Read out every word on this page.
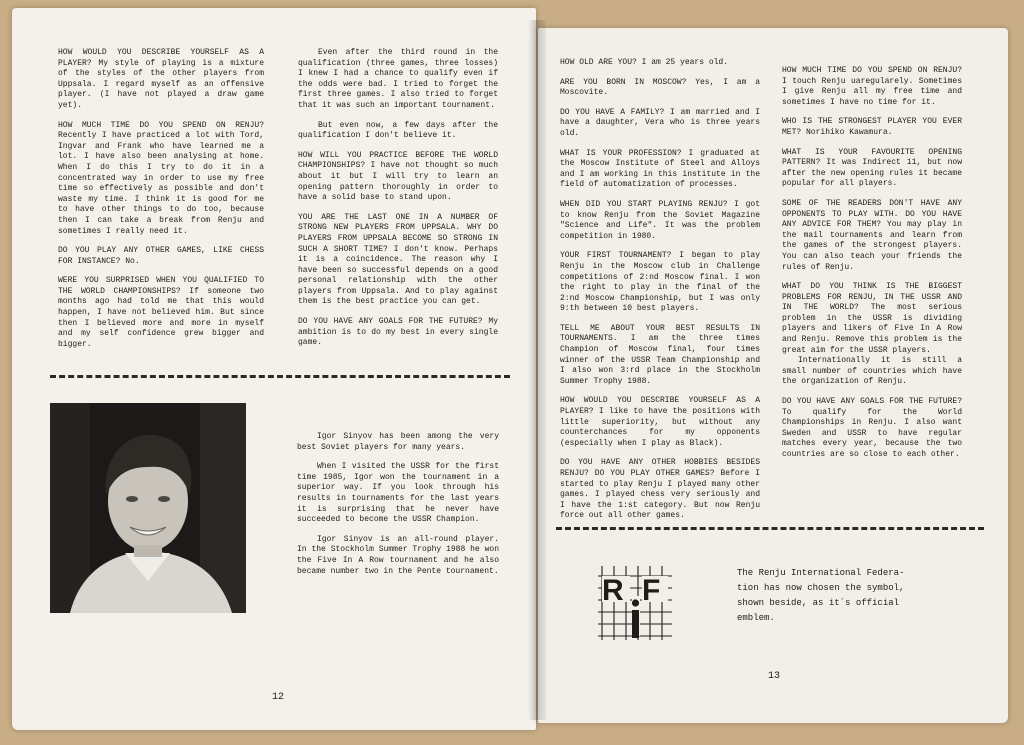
HOW WOULD YOU DESCRIBE YOURSELF AS A PLAYER? My style of playing is a mixture of the styles of the other players from Uppsala. I regard myself as an offensive player. (I have not played a draw game yet).

HOW MUCH TIME DO YOU SPEND ON RENJU? Recently I have practiced a lot with Tord, Ingvar and Frank who have learned me a lot. I have also been analysing at home. When I do this I try to do it in a concentrated way in order to use my free time so effectively as possible and don't waste my time. I think it is good for me to have other things to do too, because then I can take a break from Renju and sometimes I really need it.

DO YOU PLAY ANY OTHER GAMES, LIKE CHESS FOR INSTANCE? No.

WERE YOU SURPRISED WHEN YOU QUALIFIED TO THE WORLD CHAMPIONSHIPS? If someone two months ago had told me that this would happen, I have not believed him. But since then I believed more and more in myself and my self confidence grew bigger and bigger.

Even after the third round in the qualification (three games, three losses) I knew I had a chance to qualify even if the odds were bad. I tried to forget the first three games. I also tried to forget that it was such an important tournament.

But even now, a few days after the qualification I don't believe it.

HOW WILL YOU PRACTICE BEFORE THE WORLD CHAMPIONSHIPS? I have not thought so much about it but I will try to learn an opening pattern thoroughly in order to have a solid base to stand upon.

YOU ARE THE LAST ONE IN A NUMBER OF STRONG NEW PLAYERS FROM UPPSALA. WHY DO PLAYERS FROM UPPSALA BECOME SO STRONG IN SUCH A SHORT TIME? I don't know. Perhaps it is a coincidence. The reason why I have been so successful depends on a good personal relationship with the other players from Uppsala. And to play against them is the best practice you can get.

DO YOU HAVE ANY GOALS FOR THE FUTURE? My ambition is to do my best in every single game.

Igor Sinyov has been among the very best Soviet players for many years.

When I visited the USSR for the first time 1985, Igor won the tournament in a superior way. If you look through his results in tournaments for the last years it is surprising that he never have succeeded to become the USSR Champion.

Igor Sinyov is an all-round player. In the Stockholm Summer Trophy 1988 he won the Five In A Row tournament and he also became number two in the Pente tournament.

12

HOW OLD ARE YOU? I am 25 years old.

ARE YOU BORN IN MOSCOW? Yes, I am a Moscovite.

DO YOU HAVE A FAMILY? I am married and I have a daughter, Vera who is three years old.

WHAT IS YOUR PROFESSION? I graduated at the Moscow Institute of Steel and Alloys and I am working in this institute in the field of automatization of processes.

WHEN DID YOU START PLAYING RENJU? I got to know Renju from the Soviet Magazine "Science and Life". It was the problem competition in 1980.

YOUR FIRST TOURNAMENT? I began to play Renju in the Moscow club in Challenge competitions of 2:nd Moscow final. I won the right to play in the final of the 2:nd Moscow Championship, but I was only 9:th between 10 best players.

TELL ME ABOUT YOUR BEST RESULTS IN TOURNAMENTS. I am the three times Champion of Moscow final, four times winner of the USSR Team Championship and I also won 3:rd place in the Stockholm Summer Trophy 1988.

HOW WOULD YOU DESCRIBE YOURSELF AS A PLAYER? I like to have the positions with little superiority, but without any counterchances for my opponents (especially when I play as Black).

DO YOU HAVE ANY OTHER HOBBIES BESIDES RENJU? DO YOU PLAY OTHER GAMES? Before I started to play Renju I played many other games. I played chess very seriously and I have the 1:st category. But now Renju force out all other games.

HOW MUCH TIME DO YOU SPEND ON RENJU? I touch Renju uaregularely. Sometimes I give Renju all my free time and sometimes I have no time for it.

WHO IS THE STRONGEST PLAYER YOU EVER MET? Norihiko Kawamura.

WHAT IS YOUR FAVOURITE OPENING PATTERN? It was Indirect 11, but now after the new opening rules it became popular for all players.

SOME OF THE READERS DON'T HAVE ANY OPPONENTS TO PLAY WITH. DO YOU HAVE ANY ADVICE FOR THEM? You may play in the mail tournaments and learn from the games of the strongest players. You can also teach your friends the rules of Renju.

WHAT DO YOU THINK IS THE BIGGEST PROBLEMS FOR RENJU, IN THE USSR AND IN THE WORLD? The most serious problem in the USSR is dividing players and likers of Five In A Row and Renju. Remove this problem is the great aim for the USSR players.

Internationally it is still a small number of countries which have the organization of Renju.

DO YOU HAVE ANY GOALS FOR THE FUTURE? To qualify for the World Championships in Renju. I also want Sweden and USSR to have regular matches every year, because the two countries are so close to each other.

R F
The Renju International Federa-
tion has now chosen the symbol,
shown beside, as it´s official
emblem.
13
